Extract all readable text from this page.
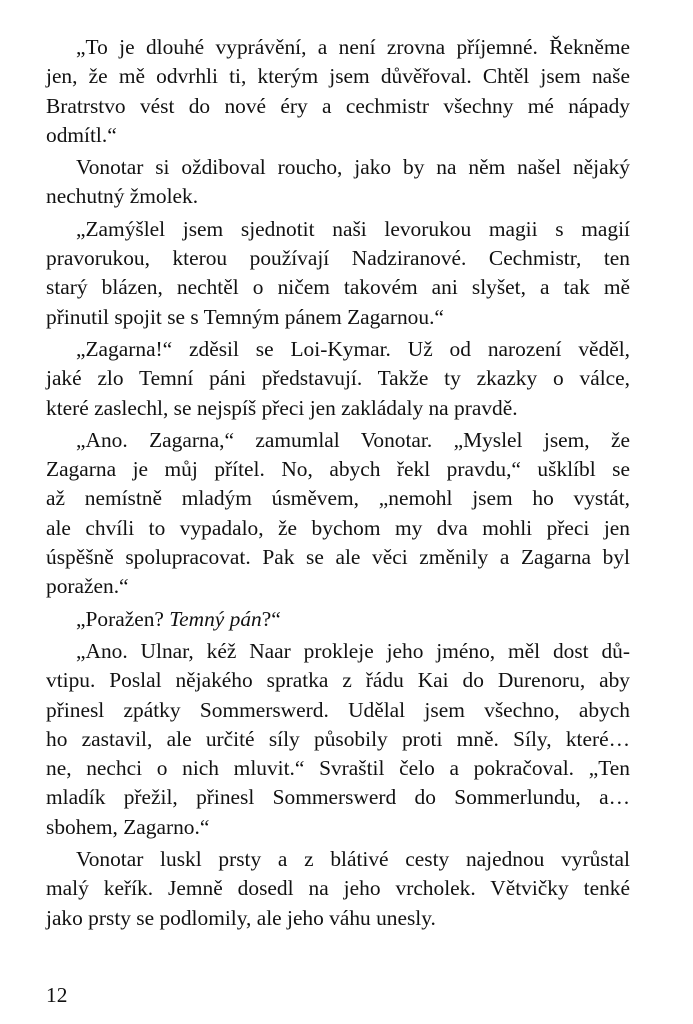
„To je dlouhé vyprávění, a není zrovna příjemné. Řekněme
jen, že mě odvrhli ti, kterým jsem důvěřoval. Chtěl jsem naše
Bratrstvo vést do nové éry a cechmistr všechny mé nápady
odmítl.“
Vonotar si oždiboval roucho, jako by na něm našel nějaký
nechutný žmolek.
„Zamýšlel jsem sjednotit naši levorukou magii s magií
pravorukou, kterou používají Nadziranové. Cechmistr, ten
starý blázen, nechtěl o ničem takovém ani slyšet, a tak mě
přinutil spojit se s Temným pánem Zagarnou.“
„Zagarna!“ zděsil se Loi-Kymar. Už od narození věděl,
jaké zlo Temní páni představují. Takže ty zkazky o válce,
které zaslechl, se nejspíš přeci jen zakládaly na pravdě.
„Ano. Zagarna,“ zamumlal Vonotar. „Myslel jsem, že
Zagarna je můj přítel. No, abych řekl pravdu,“ ušklíbl se
až nemístně mladým úsměvem, „nemohl jsem ho vystát,
ale chvíli to vypadalo, že bychom my dva mohli přeci jen
úspěšně spolupracovat. Pak se ale věci změnily a Zagarna byl
poražen.“
„Poražen? Temný pán?“
„Ano. Ulnar, kéž Naar prokleje jeho jméno, měl dost dů-
vtipu. Poslal nějakého spratka z řádu Kai do Durenoru, aby
přinesl zpátky Sommerswerd. Udělal jsem všechno, abych
ho zastavil, ale určité síly působily proti mně. Síly, které…
ne, nechci o nich mluvit.“ Svraštil čelo a pokračoval. „Ten
mladík přežil, přinesl Sommerswerd do Sommerlundu, a…
sbohem, Zagarno.“
Vonotar luskl prsty a z blátivé cesty najednou vyrůstal
malý keřík. Jemně dosedl na jeho vrcholek. Větvičky tenké
jako prsty se podlomily, ale jeho váhu unesly.
12
